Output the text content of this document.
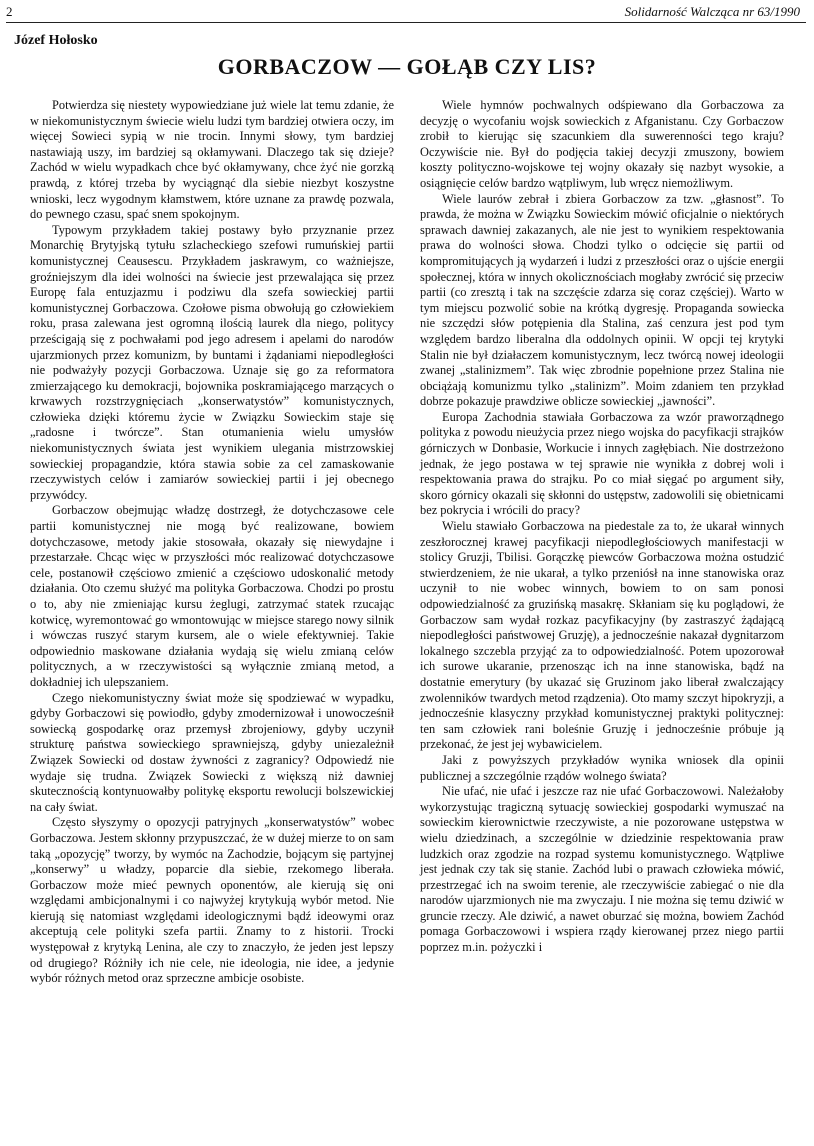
2	Solidarność Walcząca nr 63/1990
Józef Hołosko
GORBACZOW — GOŁĄB CZY LIS?

Potwierdza się niestety wypowiedziane już wiele lat temu zdanie, że w niekomunistycznym świecie wielu ludzi tym bardziej otwiera oczy, im więcej Sowieci sypią w nie trocin. Innymi słowy, tym bardziej nastawiają uszy, im bardziej są okłamywani. Dlaczego tak się dzieje? Zachód w wielu wypadkach chce być okłamywany, chce żyć nie gorzką prawdą, z której trzeba by wyciągnąć dla siebie niezbyt koszystne wnioski, lecz wygodnym kłamstwem, które uznane za prawdę pozwala, do pewnego czasu, spać snem spokojnym.

Typowym przykładem takiej postawy było przyznanie przez Monarchię Brytyjską tytułu szlacheckiego szefowi rumuńskiej partii komunistycznej Ceausescu. Przykładem jaskrawym, co ważniejsze, groźniejszym dla idei wolności na świecie jest przewalająca się przez Europę fala entuzjazmu i podziwu dla szefa sowieckiej partii komunistycznej Gorbaczowa. Czołowe pisma obwołują go człowiekiem roku, prasa zalewana jest ogromną ilością laurek dla niego, politycy prześcigają się z pochwałami pod jego adresem i apelami do narodów ujarzmionych przez komunizm, by buntami i żądaniami niepodległości nie podważyły pozycji Gorbaczowa. Uznaje się go za reformatora zmierzającego ku demokracji, bojownika poskramiającego marzących o krwawych rozstrzygnięciach „konserwatystów” komunistycznych, człowieka dzięki któremu życie w Związku Sowieckim staje się „radosne i twórcze”. Stan otumanienia wielu umysłów niekomunistycznych świata jest wynikiem ulegania mistrzowskiej sowieckiej propagandzie, która stawia sobie za cel zamaskowanie rzeczywistych celów i zamiarów sowieckiej partii i jej obecnego przywódcy.

Gorbaczow obejmując władzę dostrzegł, że dotychczasowe cele partii komunistycznej nie mogą być realizowane, bowiem dotychczasowe, metody jakie stosowała, okazały się niewydajne i przestarzałe. Chcąc więc w przyszłości móc realizować dotychczasowe cele, postanowił częściowo zmienić a częściowo udoskonalić metody działania. Oto czemu służyć ma polityka Gorbaczowa. Chodzi po prostu o to, aby nie zmieniając kursu żeglugi, zatrzymać statek rzucając kotwicę, wyremontować go wmontowując w miejsce starego nowy silnik i wówczas ruszyć starym kursem, ale o wiele efektywniej. Takie odpowiednio maskowane działania wydają się wielu zmianą celów politycznych, a w rzeczywistości są wyłącznie zmianą metod, a dokładniej ich ulepszaniem.

Czego niekomunistyczny świat może się spodziewać w wypadku, gdyby Gorbaczowi się powiodło, gdyby zmodernizował i unowocześnił sowiecką gospodarkę oraz przemysł zbrojeniowy, gdyby uczynił strukturę państwa sowieckiego sprawniejszą, gdyby uniezależnił Związek Sowiecki od dostaw żywności z zagranicy? Odpowiedź nie wydaje się trudna. Związek Sowiecki z większą niż dawniej skutecznością kontynuowałby politykę eksportu rewolucji bolszewickiej na cały świat.

Często słyszymy o opozycji patryjnych „konserwatystów” wobec Gorbaczowa. Jestem skłonny przypuszczać, że w dużej mierze to on sam taką „opozycję” tworzy, by wymóc na Zachodzie, bojącym się partyjnej „konserwy” u władzy, poparcie dla siebie, rzekomego liberała. Gorbaczow może mieć pewnych oponentów, ale kierują się oni względami ambicjonalnymi i co najwyżej krytykują wybór metod. Nie kierują się natomiast względami ideologicznymi bądź ideowymi oraz akceptują cele polityki szefa partii. Znamy to z historii. Trocki występował z krytyką Lenina, ale czy to znaczyło, że jeden jest lepszy od drugiego? Różniły ich nie cele, nie ideologia, nie idee, a jedynie wybór różnych metod oraz sprzeczne ambicje osobiste.

Wiele hymnów pochwalnych odśpiewano dla Gorbaczowa za decyzję o wycofaniu wojsk sowieckich z Afganistanu. Czy Gorbaczow zrobił to kierując się szacunkiem dla suwerenności tego kraju? Oczywiście nie. Był do podjęcia takiej decyzji zmuszony, bowiem koszty polityczno-wojskowe tej wojny okazały się nazbyt wysokie, a osiągnięcie celów bardzo wątpliwym, lub wręcz niemożliwym.

Wiele laurów zebrał i zbiera Gorbaczow za tzw. „głasnost”. To prawda, że można w Związku Sowieckim mówić oficjalnie o niektórych sprawach dawniej zakazanych, ale nie jest to wynikiem respektowania prawa do wolności słowa. Chodzi tylko o odcięcie się partii od kompromitujących ją wydarzeń i ludzi z przeszłości oraz o ujście energii społecznej, która w innych okolicznościach mogłaby zwrócić się przeciw partii (co zresztą i tak na szczęście zdarza się coraz częściej). Warto w tym miejscu pozwolić sobie na krótką dygresję. Propaganda sowiecka nie szczędzi słów potępienia dla Stalina, zaś cenzura jest pod tym względem bardzo liberalna dla oddolnych opinii. W opcji tej krytyki Stalin nie był działaczem komunistycznym, lecz twórcą nowej ideologii zwanej „stalinizmem”. Tak więc zbrodnie popełnione przez Stalina nie obciążają komunizmu tylko „stalinizm”. Moim zdaniem ten przykład dobrze pokazuje prawdziwe oblicze sowieckiej „jawności”.

Europa Zachodnia stawiała Gorbaczowa za wzór praworządnego polityka z powodu nieużycia przez niego wojska do pacyfikacji strajków górniczych w Donbasie, Workucie i innych zagłębiach. Nie dostrzeżono jednak, że jego postawa w tej sprawie nie wynikła z dobrej woli i respektowania prawa do strajku. Po co miał sięgać po argument siły, skoro górnicy okazali się skłonni do ustępstw, zadowolili się obietnicami bez pokrycia i wrócili do pracy?

Wielu stawiało Gorbaczowa na piedestale za to, że ukarał winnych zeszłorocznej krawej pacyfikacji niepodległościowych manifestacji w stolicy Gruzji, Tbilisi. Gorączkę piewców Gorbaczowa można ostudzić stwierdzeniem, że nie ukarał, a tylko przeniósł na inne stanowiska oraz uczynił to nie wobec winnych, bowiem to on sam ponosi odpowiedzialność za gruzińską masakrę. Skłaniam się ku poglądowi, że Gorbaczow sam wydał rozkaz pacyfikacyjny (by zastraszyć żądającą niepodległości państwowej Gruzję), a jednocześnie nakazał dygnitarzom lokalnego szczebla przyjąć za to odpowiedzialność. Potem upozorował ich surowe ukaranie, przenosząc ich na inne stanowiska, bądź na dostatnie emerytury (by ukazać się Gruzinom jako liberał zwalczający zwolenników twardych metod rządzenia). Oto mamy szczyt hipokryzji, a jednocześnie klasyczny przykład komunistycznej praktyki politycznej: ten sam człowiek rani boleśnie Gruzję i jednocześnie próbuje ją przekonać, że jest jej wybawicielem.

Jaki z powyższych przykładów wynika wniosek dla opinii publicznej a szczególnie rządów wolnego świata?

Nie ufać, nie ufać i jeszcze raz nie ufać Gorbaczowowi. Należałoby wykorzystując tragiczną sytuację sowieckiej gospodarki wymuszać na sowieckim kierownictwie rzeczywiste, a nie pozorowane ustępstwa w wielu dziedzinach, a szczególnie w dziedzinie respektowania praw ludzkich oraz zgodzie na rozpad systemu komunistycznego. Wątpliwe jest jednak czy tak się stanie. Zachód lubi o prawach człowieka mówić, przestrzegać ich na swoim terenie, ale rzeczywiście zabiegać o nie dla narodów ujarzmionych nie ma zwyczaju. I nie można się temu dziwić w gruncie rzeczy. Ale dziwić, a nawet oburzać się można, bowiem Zachód pomaga Gorbaczowowi i wspiera rządy kierowanej przez niego partii poprzez m.in. pożyczki i
